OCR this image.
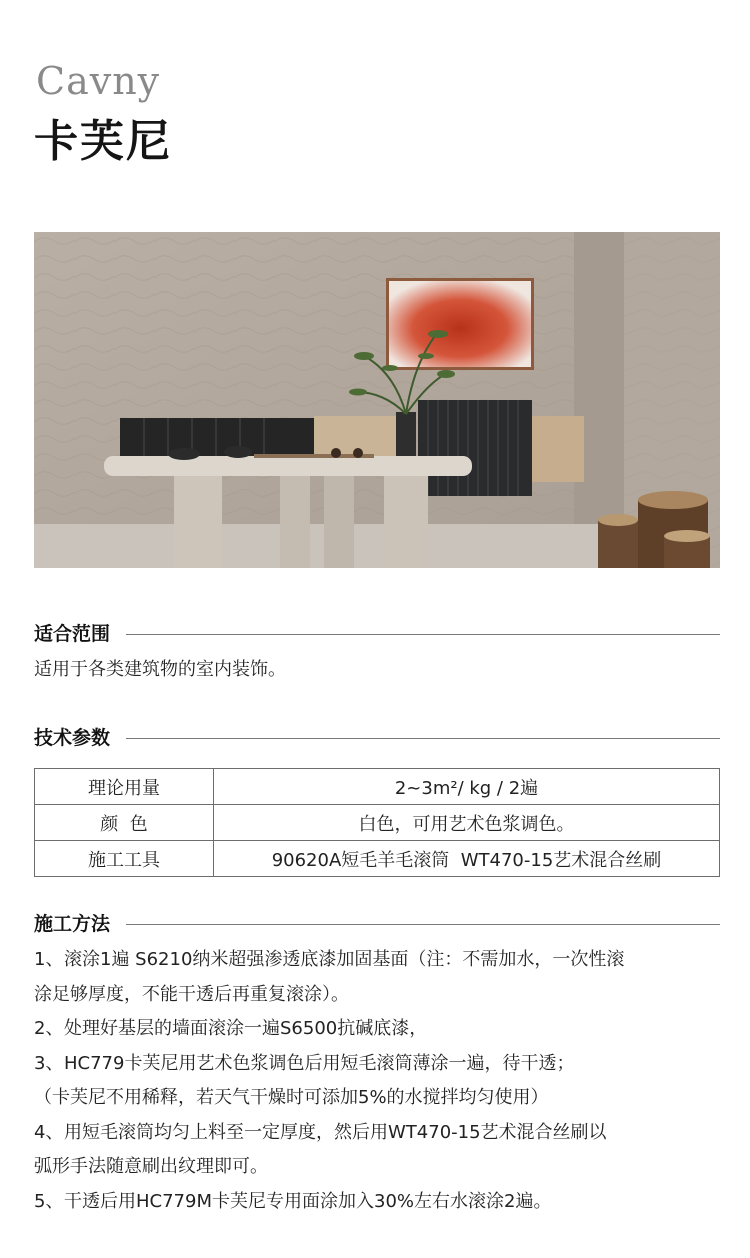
Cavny
卡芙尼
适合范围
适用于各类建筑物的室内装饰。
技术参数
理论用量	2~3m²/ kg / 2遍
颜  色	白色，可用艺术色浆调色。
施工工具	90620A短毛羊毛滚筒  WT470-15艺术混合丝刷
施工方法
1、 滚涂1遍 S6210纳米超强渗透底漆加固基面（注：不需加水，一次性滚
涂足够厚度，不能干透后再重复滚涂）。
2、 处理好基层的墙面滚涂一遍S6500抗碱底漆，
3、 HC779卡芙尼用艺术色浆调色后用短毛滚筒薄涂一遍，待干透；
（卡芙尼不用稀释，若天气干燥时可添加5%的水搅拌均匀使用）
4、 用短毛滚筒均匀上料至一定厚度，然后用WT470-15艺术混合丝刷以
弧形手法随意刷出纹理即可。
5、 干透后用HC779M卡芙尼专用面涂加入30%左右水滚涂2遍。
